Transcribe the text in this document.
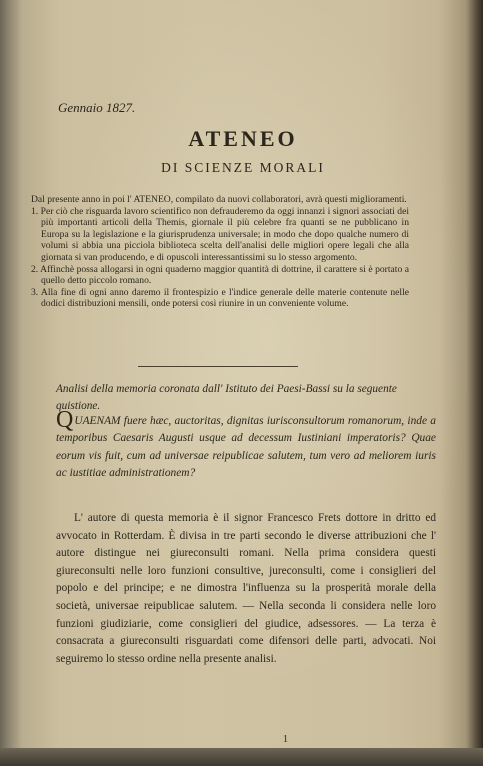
Gennaio 1827.
ATENEO
DI SCIENZE MORALI

Dal presente anno in poi l' ATENEO, compilato da nuovi collaboratori, avrà questi miglioramenti.

1. Per ciò che risguarda lavoro scientifico non defrauderemo da oggi innanzi i signori associati dei più importanti articoli della Themis, giornale il più celebre fra quanti se ne pubblicano in Europa su la legislazione e la giurisprudenza universale; in modo che dopo qualche numero di volumi si abbia una picciola biblioteca scelta dell'analisi delle migliori opere legali che alla giornata si van producendo, e di opuscoli interessantissimi su lo stesso argomento.

2. Affinchè possa allogarsi in ogni quaderno maggior quantità di dottrine, il carattere si è portato a quello detto piccolo romano.

3. Alla fine di ogni anno daremo il frontespizio e l'indice generale delle materie contenute nelle dodici distribuzioni mensili, onde potersi così riunire in un conveniente volume.

Analisi della memoria coronata dall' Istituto dei Paesi-Bassi su la seguente quistione.
QUAENAM fuere hæc, auctoritas, dignitas iurisconsultorum romanorum, inde a temporibus Caesaris Augusti usque ad decessum Iustiniani imperatoris? Quae eorum vis fuit, cum ad universae reipublicae salutem, tum vero ad meliorem iuris ac iustitiae administrationem?
L' autore di questa memoria è il signor Francesco Frets dottore in dritto ed avvocato in Rotterdam. È divisa in tre parti secondo le diverse attribuzioni che l' autore distingue nei giureconsulti romani. Nella prima considera questi giureconsulti nelle loro funzioni consultive, jureconsulti, come i consiglieri del popolo e del principe; e ne dimostra l'influenza su la prosperità morale della società, universae reipublicae salutem. — Nella seconda li considera nelle loro funzioni giudiziarie, come consiglieri del giudice, adsessores. — La terza è consacrata a giureconsulti risguardati come difensori delle parti, advocati. Noi seguiremo lo stesso ordine nella presente analisi.
1
